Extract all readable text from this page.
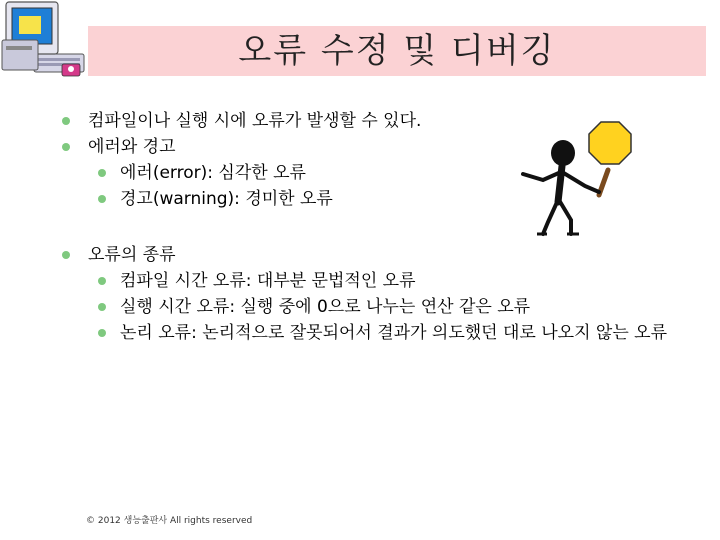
오류 수정 및 디버깅
컴파일이나 실행 시에 오류가 발생할 수 있다.
에러와 경고
에러(error): 심각한 오류
경고(warning): 경미한 오류
오류의 종류
컴파일 시간 오류: 대부분 문법적인 오류
실행 시간 오류: 실행 중에 0으로 나누는 연산 같은 오류
논리 오류: 논리적으로 잘못되어서 결과가 의도했던 대로 나오지 않는 오류
© 2012 생능출판사 All rights reserved
